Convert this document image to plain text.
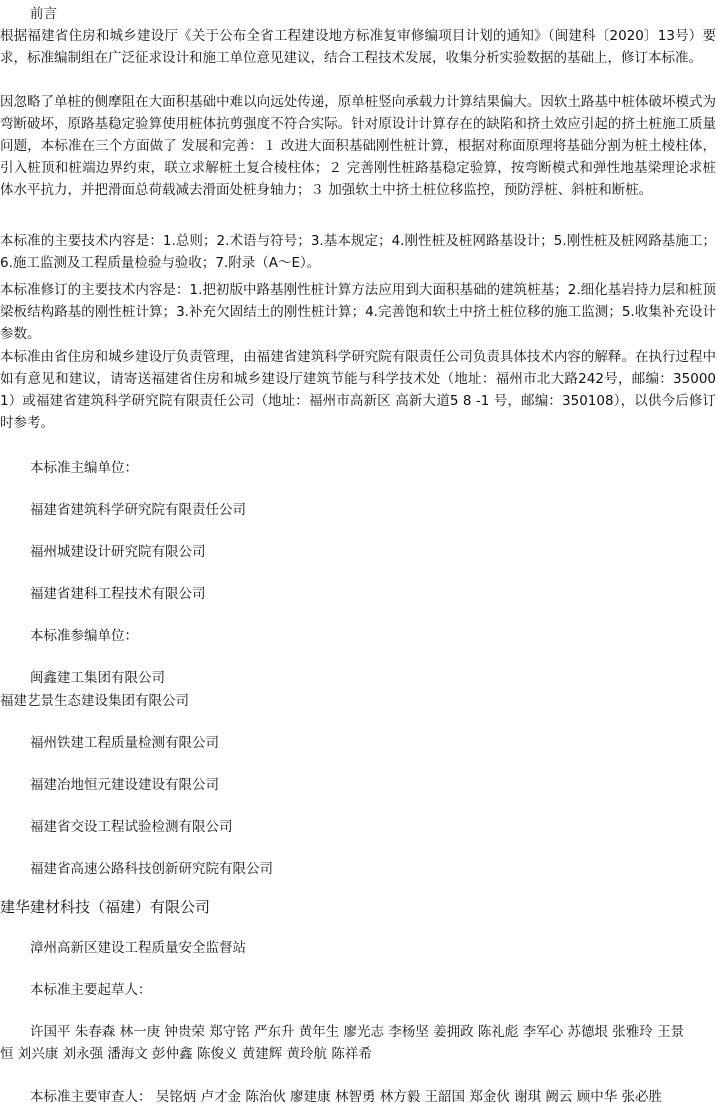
前言

根据福建省住房和城乡建设厅《关于公布全省工程建设地方标准复审修编项目计划的通知》（闽建科〔2020〕13号）要求，标准编制组在广泛征求设计和施工单位意见建议，结合工程技术发展，收集分析实验数据的基础上，修订本标准。

因忽略了单桩的侧摩阻在大面积基础中难以向远处传递，原单桩竖向承载力计算结果偏大。因软土路基中桩体破坏模式为弯断破坏，原路基稳定验算使用桩体抗剪强度不符合实际。针对原设计计算存在的缺陷和挤土效应引起的挤土桩施工质量问题，本标准在三个方面做了 发展和完善：１ 改进大面积基础刚性桩计算，根据对称面原理将基础分割为桩土棱柱体，引入桩顶和桩端边界约束，联立求解桩土复合棱柱体；２ 完善刚性桩路基稳定验算，按弯断模式和弹性地基梁理论求桩体水平抗力，并把滑面总荷载减去滑面处桩身轴力；３ 加强软土中挤土桩位移监控，预防浮桩、斜桩和断桩。

本标准的主要技术内容是：1.总则；2.术语与符号；3.基本规定；4.刚性桩及桩网路基设计；5.刚性桩及桩网路基施工；6.施工监测及工程质量检验与验收；7.附录（A～E）。

本标准修订的主要技术内容是：1.把初版中路基刚性桩计算方法应用到大面积基础的建筑桩基；2.细化基岩持力层和桩顶梁板结构路基的刚性桩计算；3.补充欠固结土的刚性桩计算；4.完善饱和软土中挤土桩位移的施工监测；5.收集补充设计参数。

本标准由省住房和城乡建设厅负责管理，由福建省建筑科学研究院有限责任公司负责具体技术内容的解释。在执行过程中如有意见和建议，请寄送福建省住房和城乡建设厅建筑节能与科学技术处（地址：福州市北大路242号，邮编：350001）或福建省建筑科学研究院有限责任公司（地址：福州市高新区 高新大道5 8 -1 号，邮编：350108），以供今后修订时参考。

本标准主编单位：

福建省建筑科学研究院有限责任公司

福州城建设计研究院有限公司

福建省建科工程技术有限公司

本标准参编单位：

闽鑫建工集团有限公司

福建艺景生态建设集团有限公司

福州铁建工程质量检测有限公司

福建冶地恒元建设建设有限公司

福建省交设工程试验检测有限公司

福建省高速公路科技创新研究院有限公司

建华建材科技（福建）有限公司

漳州高新区建设工程质量安全监督站

本标准主要起草人：

许国平 朱春森 林一庚 钟贵荣 郑守铭 严东升 黄年生 廖光志 李杨坚 姜拥政 陈礼彪 李军心 苏德垠 张雅玲 王景

恒 刘兴康 刘永强 潘海文 彭仲鑫 陈俊义 黄建辉 黄玲航 陈祥希

本标准主要审查人： 吴铭炳 卢才金 陈治伙 廖建康 林智勇 林方毅 王韶国 郑金伙 谢琪 阙云 顾中华 张必胜
